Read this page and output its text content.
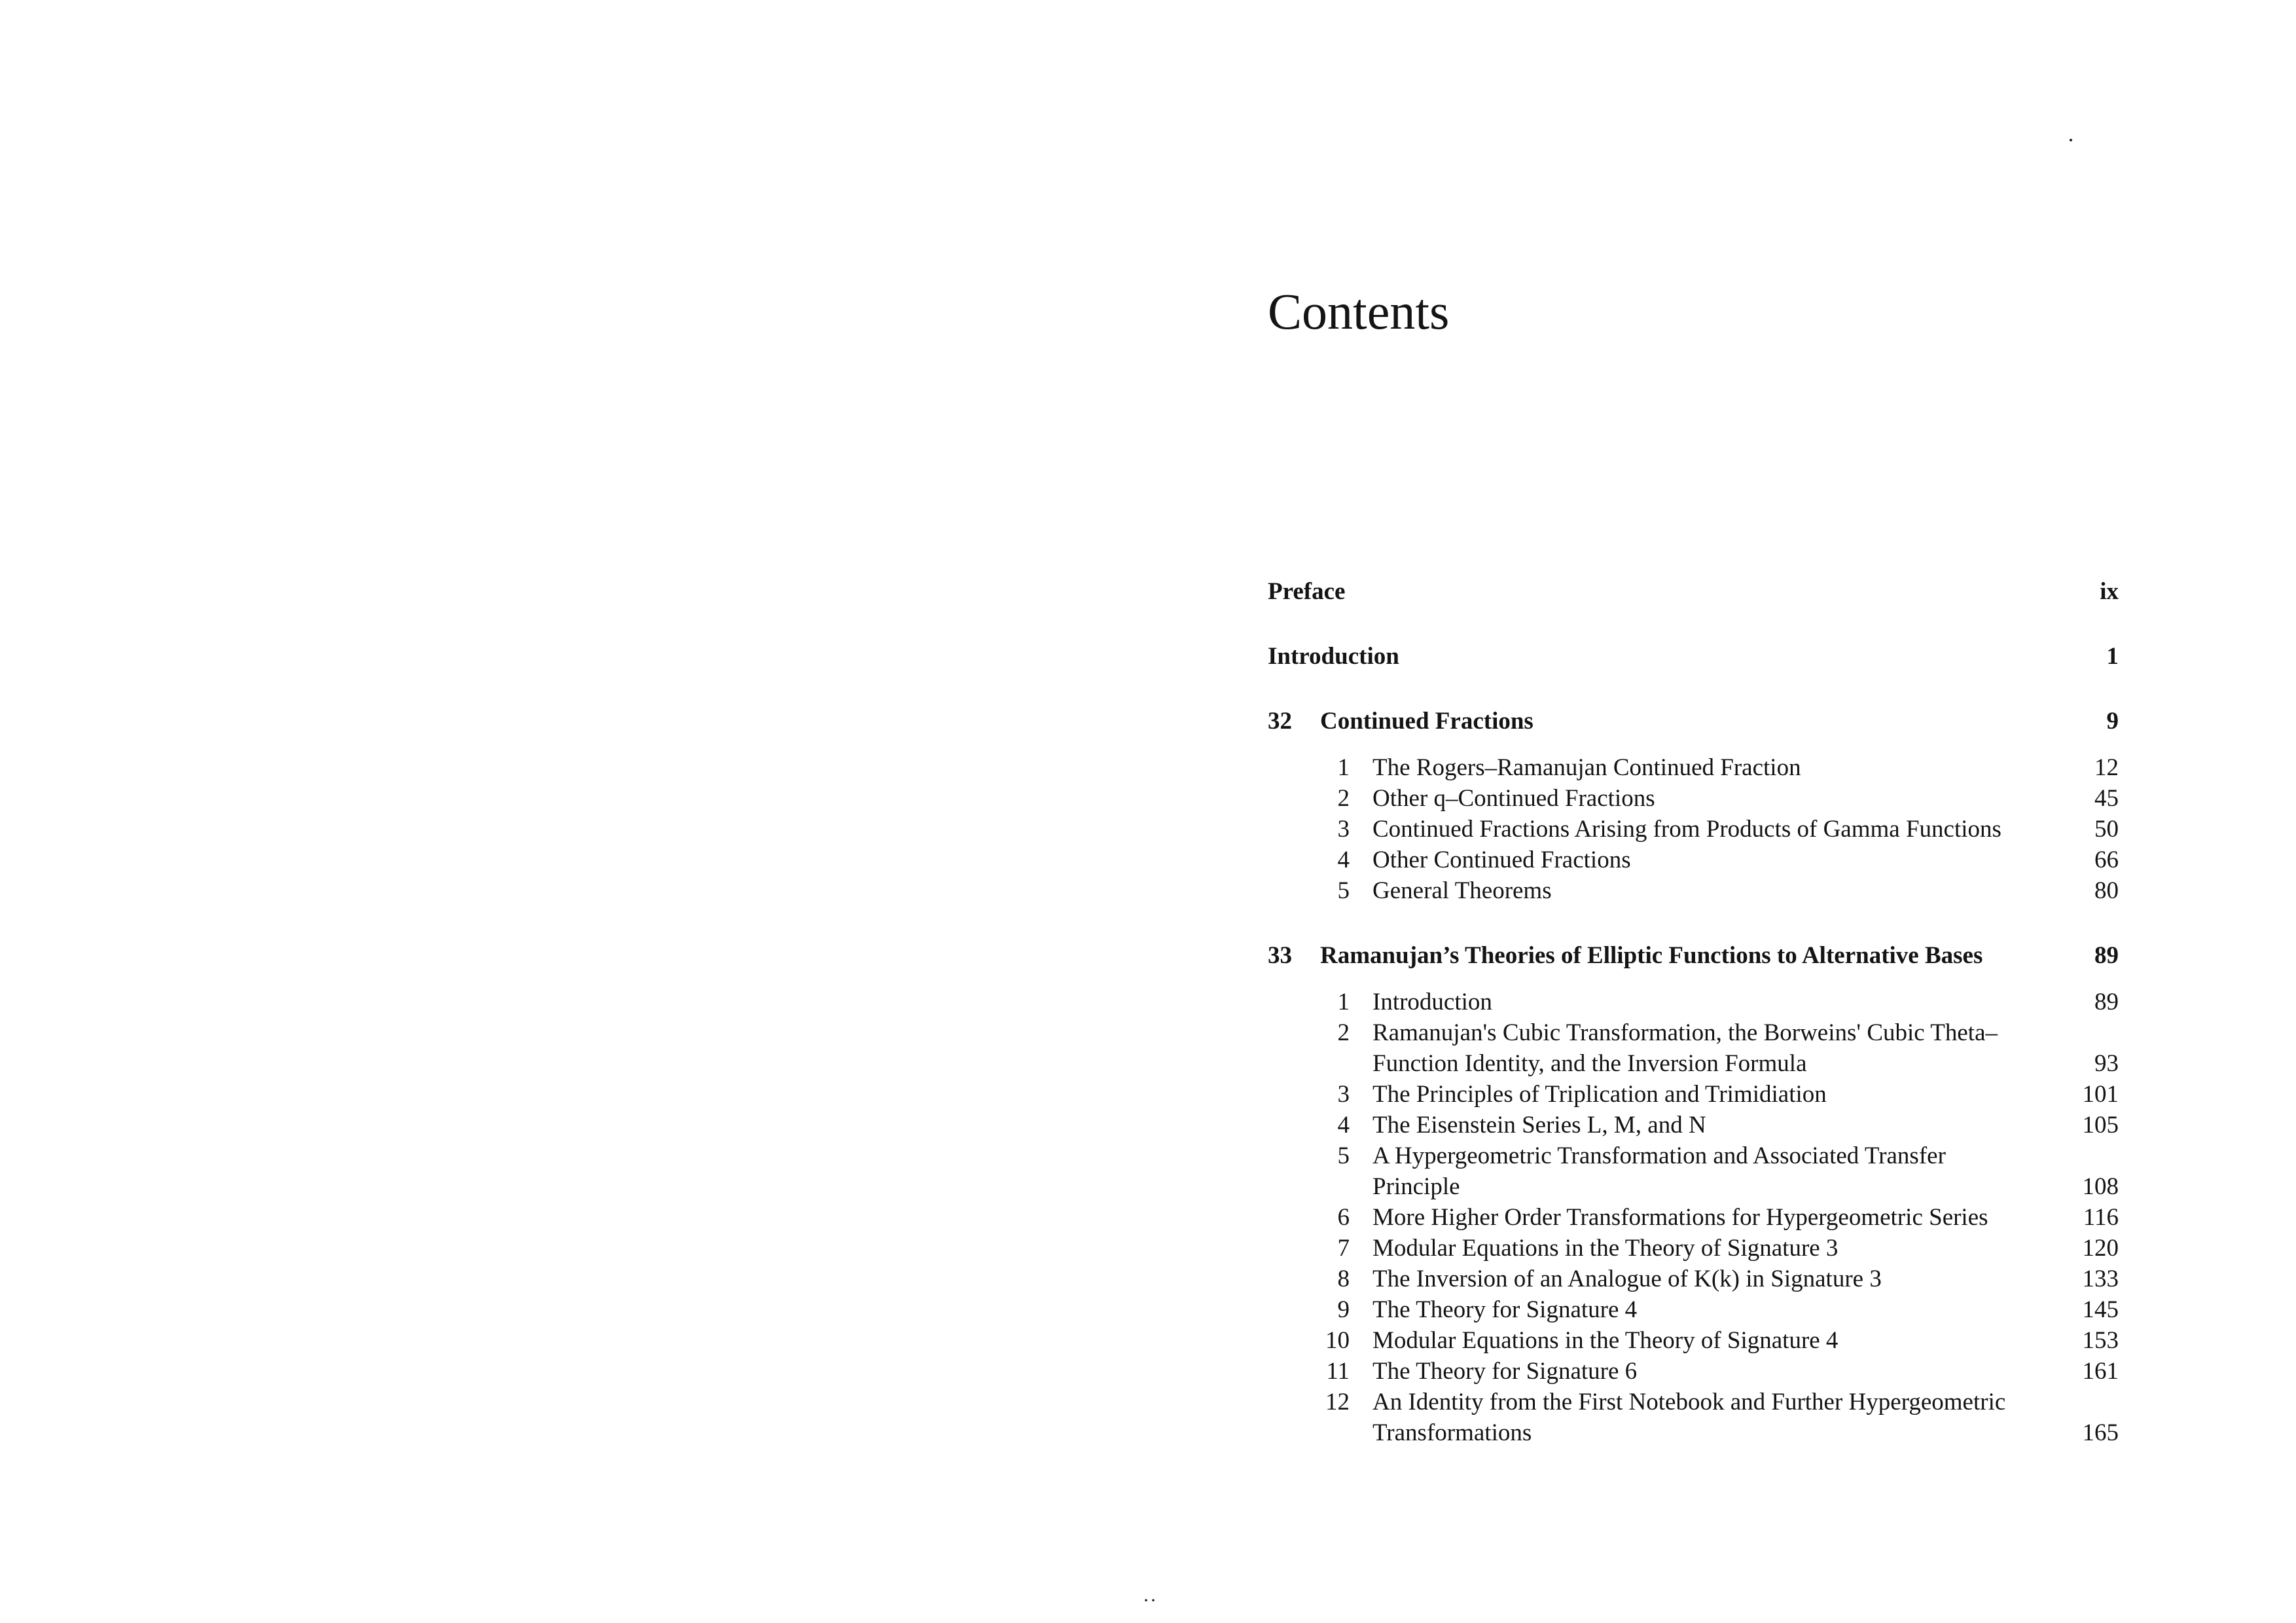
Contents
Preface	ix
Introduction	1
32 Continued Fractions	9
1 The Rogers–Ramanujan Continued Fraction	12
2 Other q–Continued Fractions	45
3 Continued Fractions Arising from Products of Gamma Functions	50
4 Other Continued Fractions	66
5 General Theorems	80
33 Ramanujan’s Theories of Elliptic Functions to Alternative Bases	89
1 Introduction	89
2 Ramanujan's Cubic Transformation, the Borweins' Cubic Theta–Function Identity, and the Inversion Formula	93
3 The Principles of Triplication and Trimidiation	101
4 The Eisenstein Series L, M, and N	105
5 A Hypergeometric Transformation and Associated Transfer Principle	108
6 More Higher Order Transformations for Hypergeometric Series	116
7 Modular Equations in the Theory of Signature 3	120
8 The Inversion of an Analogue of K(k) in Signature 3	133
9 The Theory for Signature 4	145
10 Modular Equations in the Theory of Signature 4	153
11 The Theory for Signature 6	161
12 An Identity from the First Notebook and Further Hypergeometric Transformations	165
··
